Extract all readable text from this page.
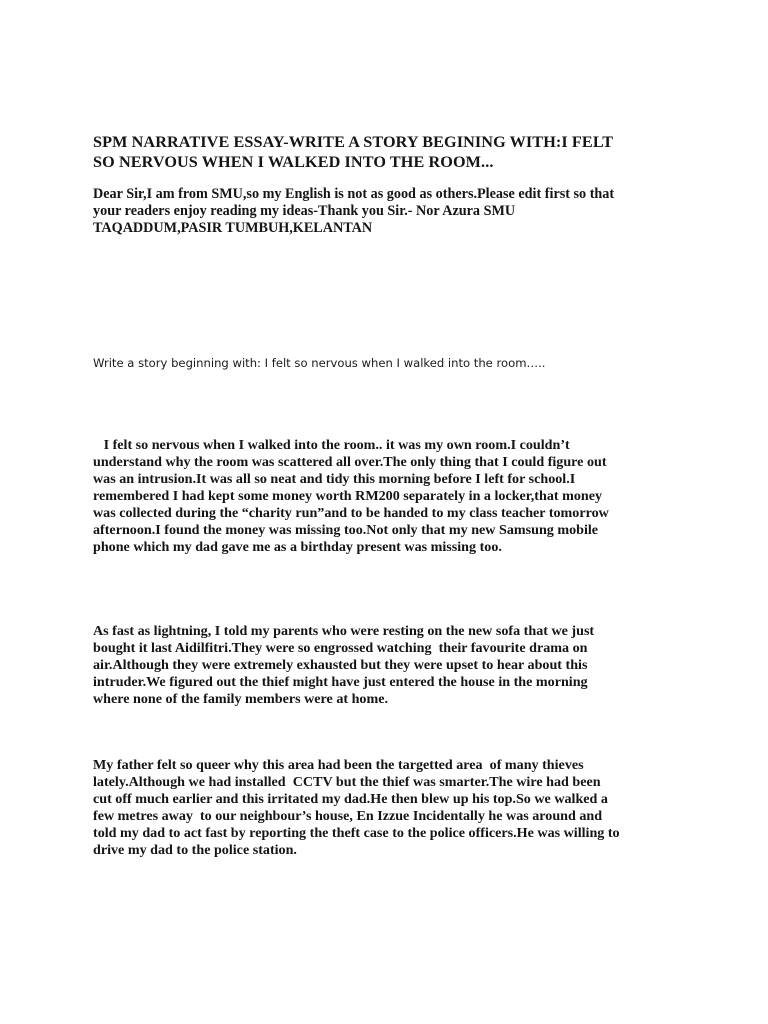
SPM NARRATIVE ESSAY-WRITE A STORY BEGINING WITH:I FELT
SO NERVOUS WHEN I WALKED INTO THE ROOM...

Dear Sir,I am from SMU,so my English is not as good as others.Please edit first so that
your readers enjoy reading my ideas-Thank you Sir.- Nor Azura SMU
TAQADDUM,PASIR TUMBUH,KELANTAN

Write a story beginning with: I felt so nervous when I walked into the room…..

I felt so nervous when I walked into the room.. it was my own room.I couldn’t
understand why the room was scattered all over.The only thing that I could figure out
was an intrusion.It was all so neat and tidy this morning before I left for school.I
remembered I had kept some money worth RM200 separately in a locker,that money
was collected during the “charity run”and to be handed to my class teacher tomorrow
afternoon.I found the money was missing too.Not only that my new Samsung mobile
phone which my dad gave me as a birthday present was missing too.

As fast as lightning, I told my parents who were resting on the new sofa that we just
bought it last Aidilfitri.They were so engrossed watching  their favourite drama on
air.Although they were extremely exhausted but they were upset to hear about this
intruder.We figured out the thief might have just entered the house in the morning
where none of the family members were at home.

My father felt so queer why this area had been the targetted area  of many thieves
lately.Although we had installed  CCTV but the thief was smarter.The wire had been
cut off much earlier and this irritated my dad.He then blew up his top.So we walked a
few metres away  to our neighbour’s house, En Izzue Incidentally he was around and
told my dad to act fast by reporting the theft case to the police officers.He was willing to
drive my dad to the police station.
